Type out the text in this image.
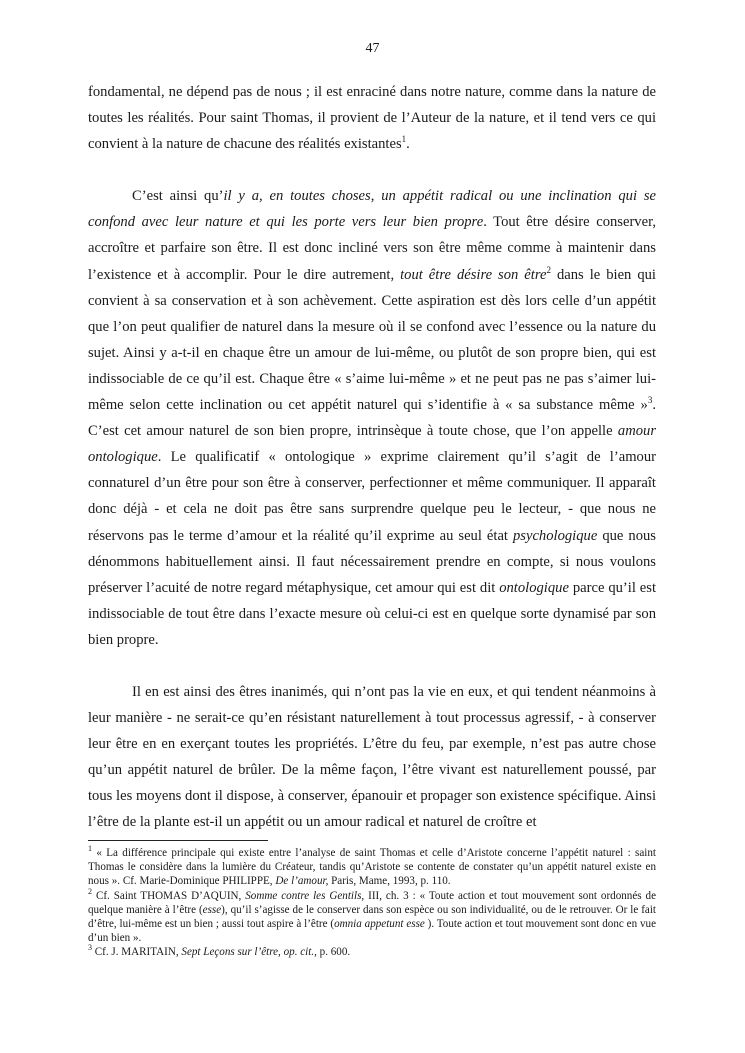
47

fondamental, ne dépend pas de nous ; il est enraciné dans notre nature, comme dans la nature de toutes les réalités. Pour saint Thomas, il provient de l’Auteur de la nature, et il tend vers ce qui convient à la nature de chacune des réalités existantes$^1$.

C’est ainsi qu’il y a, en toutes choses, un appétit radical ou une inclination qui se confond avec leur nature et qui les porte vers leur bien propre. Tout être désire conserver, accroître et parfaire son être. Il est donc incliné vers son être même comme à maintenir dans l’existence et à accomplir. Pour le dire autrement, tout être désire son être$^2$ dans le bien qui convient à sa conservation et à son achèvement. Cette aspiration est dès lors celle d’un appétit que l’on peut qualifier de naturel dans la mesure où il se confond avec l’essence ou la nature du sujet. Ainsi y a-t-il en chaque être un amour de lui-même, ou plutôt de son propre bien, qui est indissociable de ce qu’il est. Chaque être « s’aime lui-même » et ne peut pas ne pas s’aimer lui-même selon cette inclination ou cet appétit naturel qui s’identifie à « sa substance même »$^3$. C’est cet amour naturel de son bien propre, intrinsèque à toute chose, que l’on appelle amour ontologique. Le qualificatif « ontologique » exprime clairement qu’il s’agit de l’amour connaturel d’un être pour son être à conserver, perfectionner et même communiquer. Il apparaît donc déjà - et cela ne doit pas être sans surprendre quelque peu le lecteur, - que nous ne réservons pas le terme d’amour et la réalité qu’il exprime au seul état psychologique que nous dénommons habituellement ainsi. Il faut nécessairement prendre en compte, si nous voulons préserver l’acuité de notre regard métaphysique, cet amour qui est dit ontologique parce qu’il est indissociable de tout être dans l’exacte mesure où celui-ci est en quelque sorte dynamisé par son bien propre.

Il en est ainsi des êtres inanimés, qui n’ont pas la vie en eux, et qui tendent néanmoins à leur manière - ne serait-ce qu’en résistant naturellement à tout processus agressif, - à conserver leur être en en exerçant toutes les propriétés. L’être du feu, par exemple, n’est pas autre chose qu’un appétit naturel de brûler. De la même façon, l’être vivant est naturellement poussé, par tous les moyens dont il dispose, à conserver, épanouir et propager son existence spécifique. Ainsi l’être de la plante est-il un appétit ou un amour radical et naturel de croître et

$^1$ « La différence principale qui existe entre l’analyse de saint Thomas et celle d’Aristote concerne l’appétit naturel : saint Thomas le considère dans la lumière du Créateur, tandis qu’Aristote se contente de constater qu’un appétit naturel existe en nous ». Cf. Marie-Dominique PHILIPPE, De l’amour, Paris, Mame, 1993, p. 110.

$^2$ Cf. Saint THOMAS D’AQUIN, Somme contre les Gentils, III, ch. 3 : « Toute action et tout mouvement sont ordonnés de quelque manière à l’être (esse), qu’il s’agisse de le conserver dans son espèce ou son individualité, ou de le retrouver. Or le fait d’être, lui-même est un bien ; aussi tout aspire à l’être (omnia appetunt esse ). Toute action et tout mouvement sont donc en vue d’un bien ».

$^3$ Cf. J. MARITAIN, Sept Leçons sur l’être, op. cit., p. 600.
